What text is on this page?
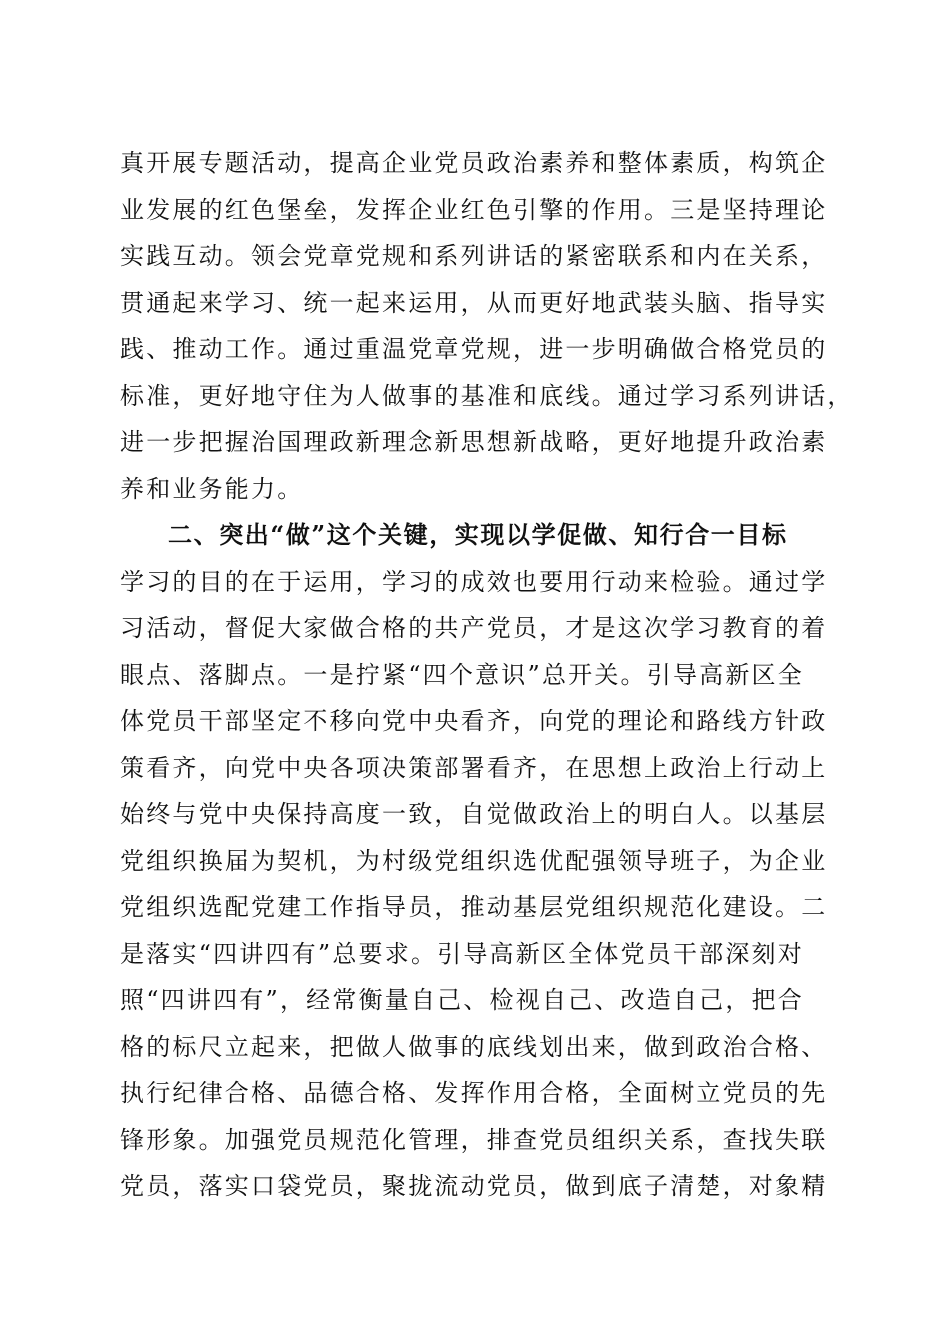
真开展专题活动，提高企业党员政治素养和整体素质，构筑企
业发展的红色堡垒，发挥企业红色引擎的作用。三是坚持理论
实践互动。领会党章党规和系列讲话的紧密联系和内在关系，
贯通起来学习、统一起来运用，从而更好地武装头脑、指导实
践、推动工作。通过重温党章党规，进一步明确做合格党员的
标准，更好地守住为人做事的基准和底线。通过学习系列讲话，
进一步把握治国理政新理念新思想新战略，更好地提升政治素
养和业务能力。
二、突出“做”这个关键，实现以学促做、知行合一目标
学习的目的在于运用，学习的成效也要用行动来检验。通过学
习活动，督促大家做合格的共产党员，才是这次学习教育的着
眼点、落脚点。一是拧紧“四个意识”总开关。引导高新区全
体党员干部坚定不移向党中央看齐，向党的理论和路线方针政
策看齐，向党中央各项决策部署看齐，在思想上政治上行动上
始终与党中央保持高度一致，自觉做政治上的明白人。以基层
党组织换届为契机，为村级党组织选优配强领导班子，为企业
党组织选配党建工作指导员，推动基层党组织规范化建设。二
是落实“四讲四有”总要求。引导高新区全体党员干部深刻对
照“四讲四有”，经常衡量自己、检视自己、改造自己，把合
格的标尺立起来，把做人做事的底线划出来，做到政治合格、
执行纪律合格、品德合格、发挥作用合格，全面树立党员的先
锋形象。加强党员规范化管理，排查党员组织关系，查找失联
党员，落实口袋党员，聚拢流动党员，做到底子清楚，对象精
